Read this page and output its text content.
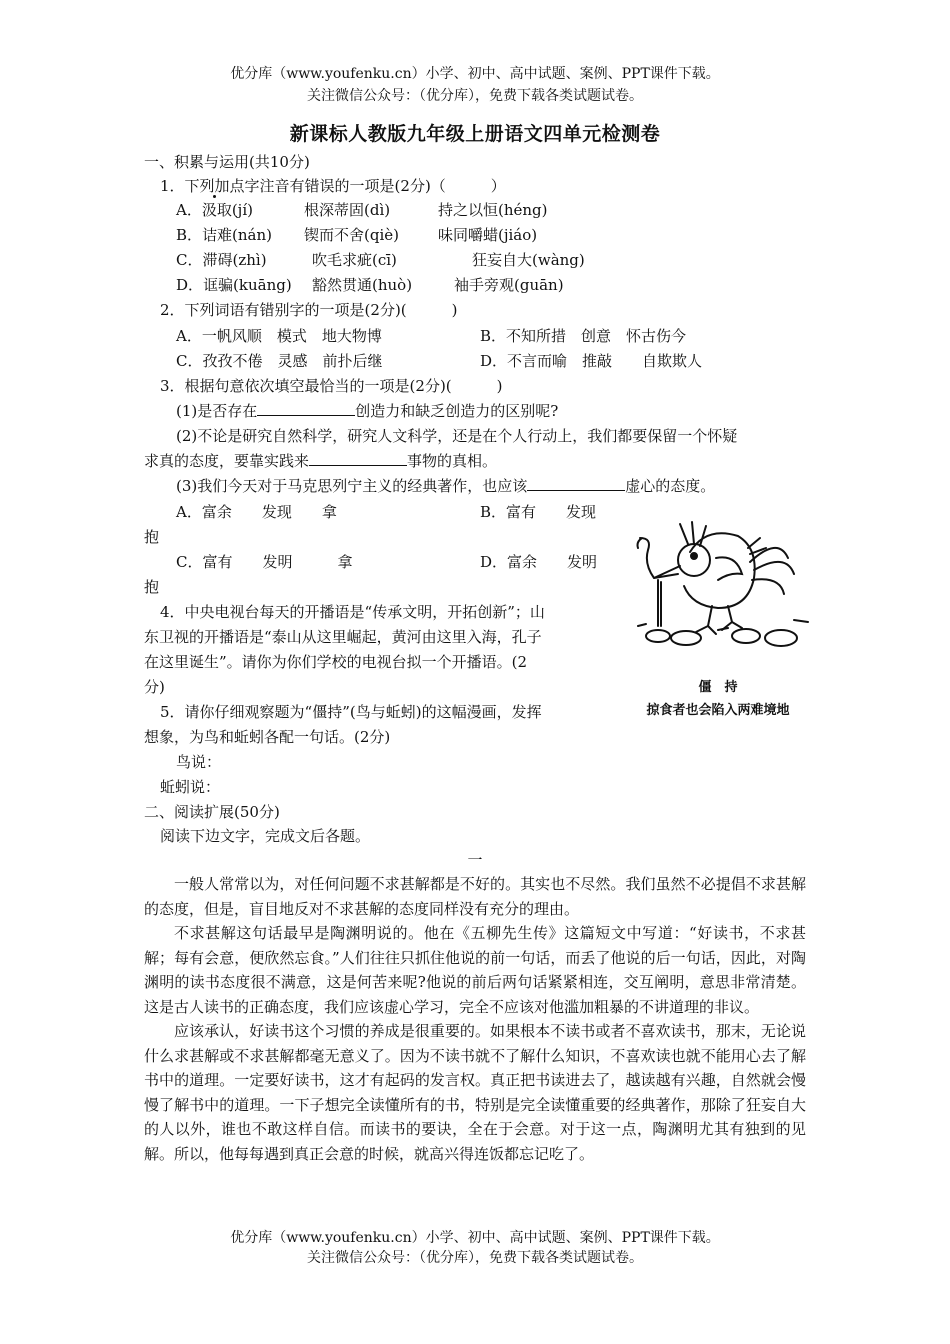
优分库（www.youfenku.cn）小学、初中、高中试题、案例、PPT课件下载。
关注微信公众号：（优分库），免费下载各类试题试卷。
新课标人教版九年级上册语文四单元检测卷
一、积累与运用(共10分)
1．下列加点字注音有错误的一项是(2分)（　　　）
A．汲取(jí)	根深蒂固(dì)	持之以恒(héng)
B．诘难(nán) 锲而不舍(qiè)	味同嚼蜡(jiáo)
C．滞碍(zhì)	吹毛求疵(cī)	狂妄自大(wàng)
D．诓骗(kuāng) 豁然贯通(huò)	袖手旁观(guān)
2．下列词语有错别字的一项是(2分)(　　　)
A．一帆风顺　模式　地大物博	B．不知所措　创意　怀古伤今
C．孜孜不倦　灵感　前扑后继	D．不言而喻　推敲　　自欺欺人
3．根据句意依次填空最恰当的一项是(2分)(　　　)
(1)是否存在	创造力和缺乏创造力的区别呢?
(2)不论是研究自然科学，研究人文科学，还是在个人行动上，我们都要保留一个怀疑
求真的态度，要靠实践来	事物的真相。
(3)我们今天对于马克思列宁主义的经典著作，也应该	虚心的态度。
A．富余　　发现　　拿	B．富有　　发现
抱
C．富有　　发明　　　拿	D．富余　　发明
抱
4．中央电视台每天的开播语是“传承文明，开拓创新”；山
东卫视的开播语是“泰山从这里崛起，黄河由这里入海，孔子
在这里诞生”。请你为你们学校的电视台拟一个开播语。(2
分)
5．请你仔细观察题为“僵持”(鸟与蚯蚓)的这幅漫画，发挥
想象，为鸟和蚯蚓各配一句话。(2分)
鸟说：
蚯蚓说：
僵　持
掠食者也会陷入两难境地
二、阅读扩展(50分)
阅读下边文字，完成文后各题。
一
一般人常常以为，对任何问题不求甚解都是不好的。其实也不尽然。我们虽然不必提倡不求甚解的态度，但是，盲目地反对不求甚解的态度同样没有充分的理由。
不求甚解这句话最早是陶渊明说的。他在《五柳先生传》这篇短文中写道：“好读书，不求甚解；每有会意，便欣然忘食。”人们往往只抓住他说的前一句话，而丢了他说的后一句话，因此，对陶渊明的读书态度很不满意，这是何苦来呢?他说的前后两句话紧紧相连，交互阐明，意思非常清楚。这是古人读书的正确态度，我们应该虚心学习，完全不应该对他滥加粗暴的不讲道理的非议。
应该承认，好读书这个习惯的养成是很重要的。如果根本不读书或者不喜欢读书，那末，无论说什么求甚解或不求甚解都毫无意义了。因为不读书就不了解什么知识，不喜欢读也就不能用心去了解书中的道理。一定要好读书，这才有起码的发言权。真正把书读进去了，越读越有兴趣，自然就会慢慢了解书中的道理。一下子想完全读懂所有的书，特别是完全读懂重要的经典著作，那除了狂妄自大的人以外，谁也不敢这样自信。而读书的要诀，全在于会意。对于这一点，陶渊明尤其有独到的见解。所以，他每每遇到真正会意的时候，就高兴得连饭都忘记吃了。
优分库（www.youfenku.cn）小学、初中、高中试题、案例、PPT课件下载。
关注微信公众号：（优分库），免费下载各类试题试卷。
